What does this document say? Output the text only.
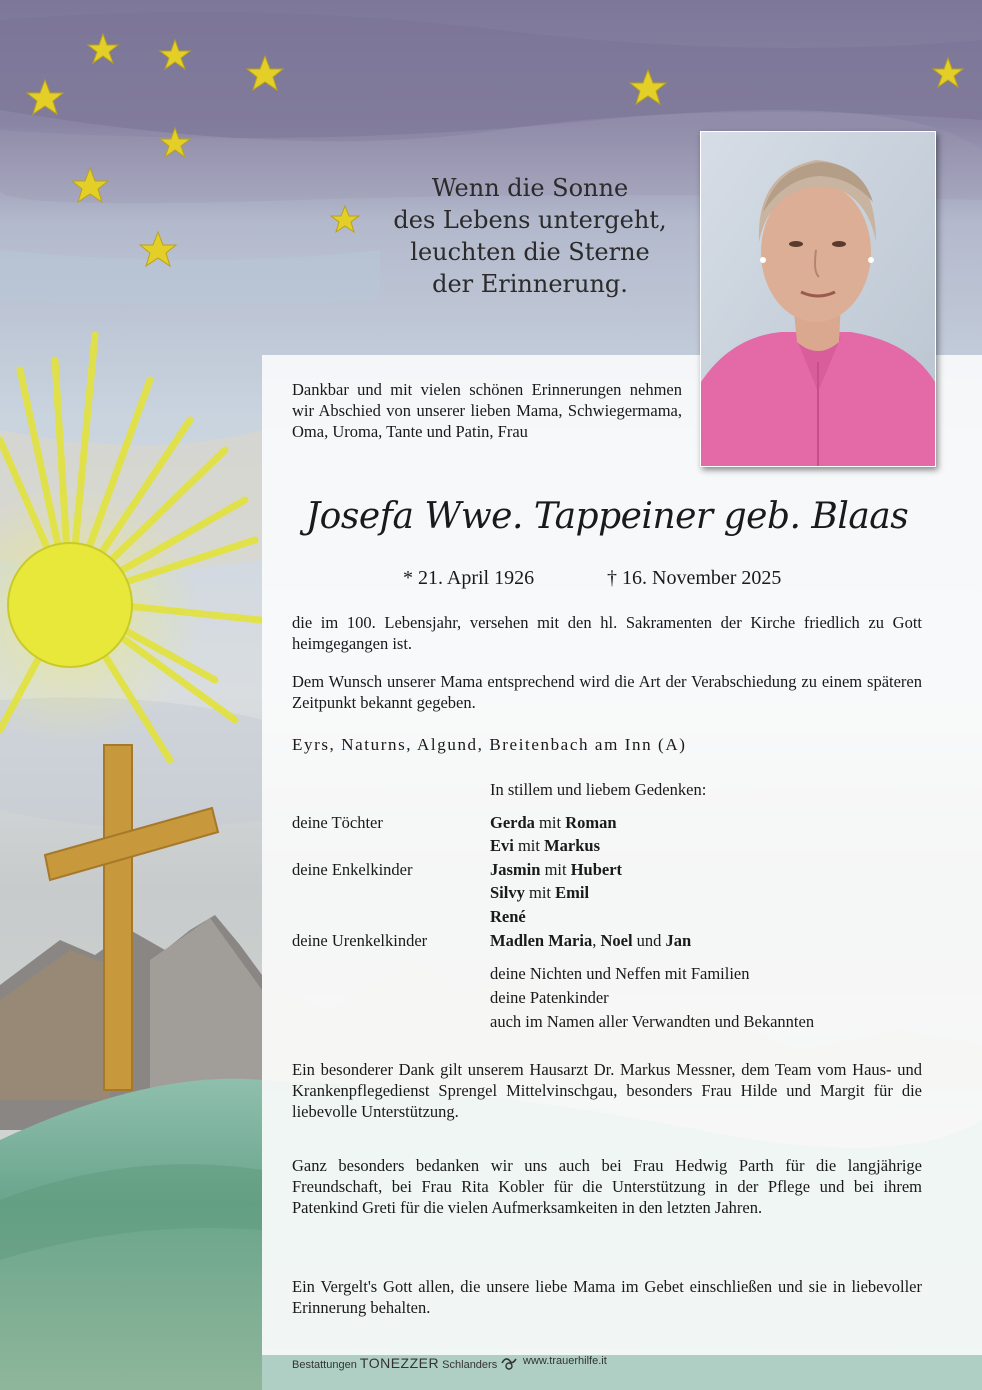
Wenn die Sonne
des Lebens untergeht,
leuchten die Sterne
der Erinnerung.
Dankbar und mit vielen schönen Erinnerungen nehmen wir Abschied von unserer lieben Mama, Schwiegermama, Oma, Uroma, Tante und Patin, Frau
Josefa Wwe. Tappeiner geb. Blaas
* 21. April 1926	† 16. November 2025
die im 100. Lebensjahr, versehen mit den hl. Sakramenten der Kirche friedlich zu Gott heimgegangen ist.
Dem Wunsch unserer Mama entsprechend wird die Art der Verabschiedung zu einem späteren Zeitpunkt bekannt gegeben.
Eyrs, Naturns, Algund, Breitenbach am Inn (A)
In stillem und liebem Gedenken:
deine Töchter	Gerda mit Roman
Evi mit Markus
deine Enkelkinder	Jasmin mit Hubert
Silvy mit Emil
René
deine Urenkelkinder	Madlen Maria, Noel und Jan
deine Nichten und Neffen mit Familien
deine Patenkinder
auch im Namen aller Verwandten und Bekannten
Ein besonderer Dank gilt unserem Hausarzt Dr. Markus Messner, dem Team vom Haus- und Krankenpflegedienst Sprengel Mittelvinschgau, besonders Frau Hilde und Margit für die liebevolle Unterstützung.
Ganz besonders bedanken wir uns auch bei Frau Hedwig Parth für die langjährige Freundschaft, bei Frau Rita Kobler für die Unterstützung in der Pflege und bei ihrem Patenkind Greti für die vielen Aufmerksamkeiten in den letzten Jahren.
Ein Vergelt's Gott allen, die unsere liebe Mama im Gebet einschließen und sie in liebevoller Erinnerung behalten.
Bestattungen TONEZZER Schlanders www.trauerhilfe.it
